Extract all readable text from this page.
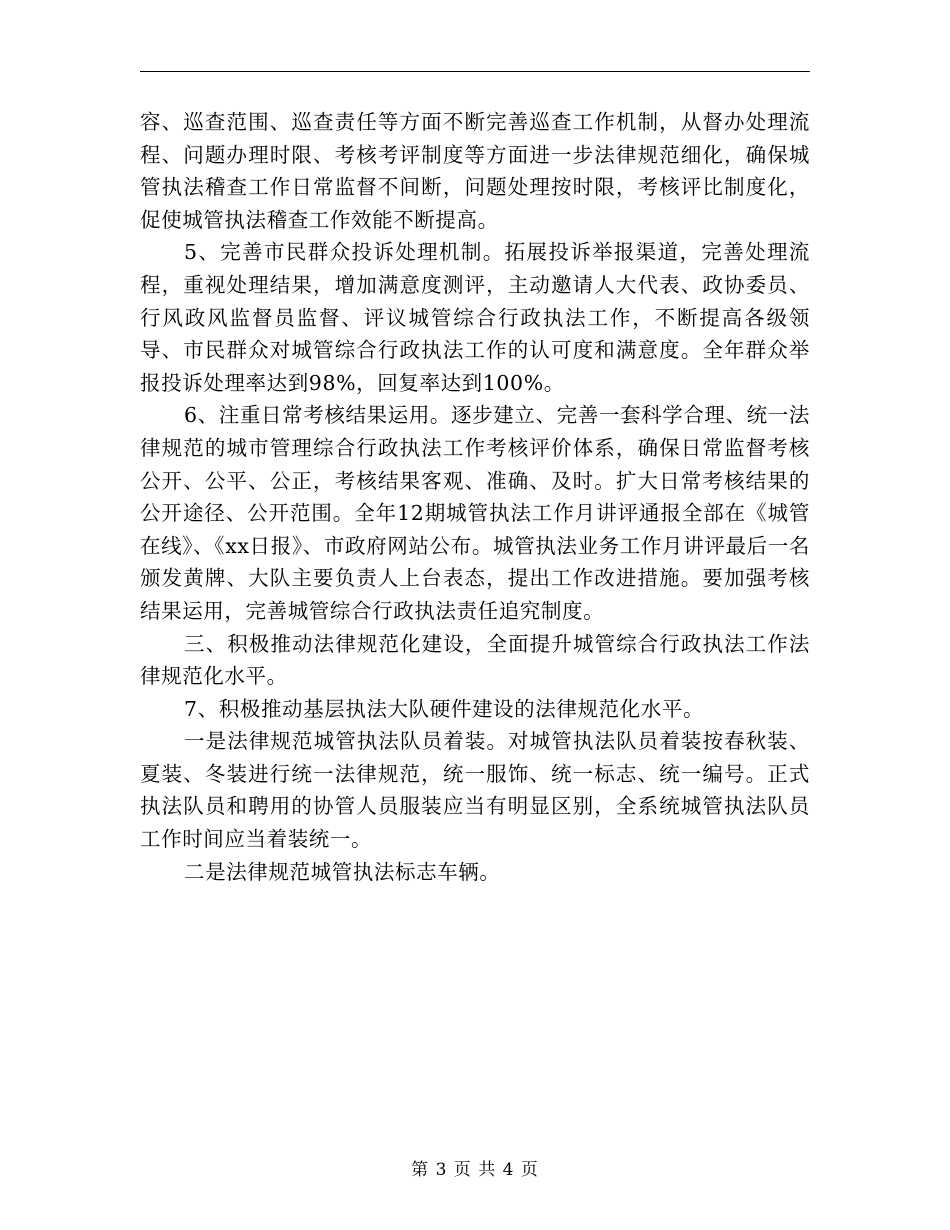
容、巡查范围、巡查责任等方面不断完善巡查工作机制，从督办处理流程、问题办理时限、考核考评制度等方面进一步法律规范细化，确保城管执法稽查工作日常监督不间断，问题处理按时限，考核评比制度化，促使城管执法稽查工作效能不断提高。

5、完善市民群众投诉处理机制。拓展投诉举报渠道，完善处理流程，重视处理结果，增加满意度测评，主动邀请人大代表、政协委员、行风政风监督员监督、评议城管综合行政执法工作，不断提高各级领导、市民群众对城管综合行政执法工作的认可度和满意度。全年群众举报投诉处理率达到98%，回复率达到100%。

6、注重日常考核结果运用。逐步建立、完善一套科学合理、统一法律规范的城市管理综合行政执法工作考核评价体系，确保日常监督考核公开、公平、公正，考核结果客观、准确、及时。扩大日常考核结果的公开途径、公开范围。全年12期城管执法工作月讲评通报全部在《城管在线》、《xx日报》、市政府网站公布。城管执法业务工作月讲评最后一名颁发黄牌、大队主要负责人上台表态，提出工作改进措施。要加强考核结果运用，完善城管综合行政执法责任追究制度。

三、积极推动法律规范化建设，全面提升城管综合行政执法工作法律规范化水平。

7、积极推动基层执法大队硬件建设的法律规范化水平。

一是法律规范城管执法队员着装。对城管执法队员着装按春秋装、夏装、冬装进行统一法律规范，统一服饰、统一标志、统一编号。正式执法队员和聘用的协管人员服装应当有明显区别，全系统城管执法队员工作时间应当着装统一。

二是法律规范城管执法标志车辆。

第 3 页 共 4 页
